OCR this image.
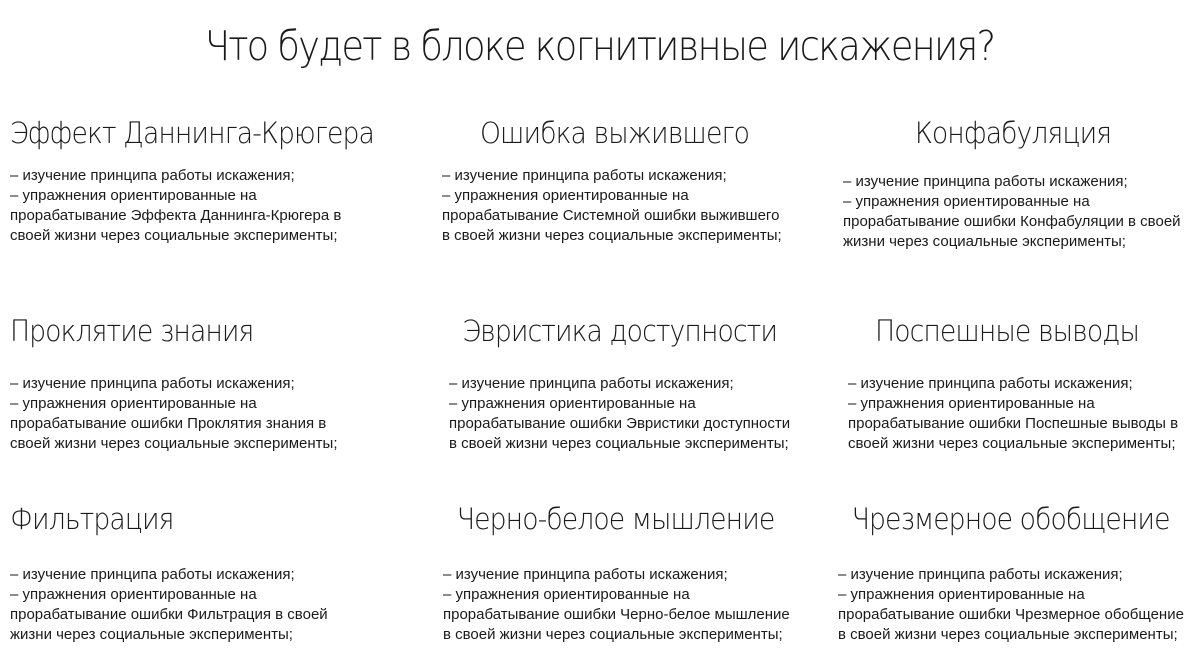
Что будет в блоке когнитивные искажения?
Эффект Даннинга-Крюгера
– изучение принципа работы искажения;
– упражнения ориентированные на
прорабатывание Эффекта Даннинга-Крюгера в
своей жизни через социальные эксперименты;
Ошибка выжившего
– изучение принципа работы искажения;
– упражнения ориентированные на
прорабатывание Системной ошибки выжившего
в своей жизни через социальные эксперименты;
Конфабуляция
– изучение принципа работы искажения;
– упражнения ориентированные на
прорабатывание ошибки Конфабуляции в своей
жизни через социальные эксперименты;
Проклятие знания
– изучение принципа работы искажения;
– упражнения ориентированные на
прорабатывание ошибки Проклятия знания в
своей жизни через социальные эксперименты;
Эвристика доступности
– изучение принципа работы искажения;
– упражнения ориентированные на
прорабатывание ошибки Эвристики доступности
в своей жизни через социальные эксперименты;
Поспешные выводы
– изучение принципа работы искажения;
– упражнения ориентированные на
прорабатывание ошибки Поспешные выводы в
своей жизни через социальные эксперименты;
Фильтрация
– изучение принципа работы искажения;
– упражнения ориентированные на
прорабатывание ошибки Фильтрация в своей
жизни через социальные эксперименты;
Черно-белое мышление
– изучение принципа работы искажения;
– упражнения ориентированные на
прорабатывание ошибки Черно-белое мышление
в своей жизни через социальные эксперименты;
Чрезмерное обобщение
– изучение принципа работы искажения;
– упражнения ориентированные на
прорабатывание ошибки Чрезмерное обобщение
в своей жизни через социальные эксперименты;
